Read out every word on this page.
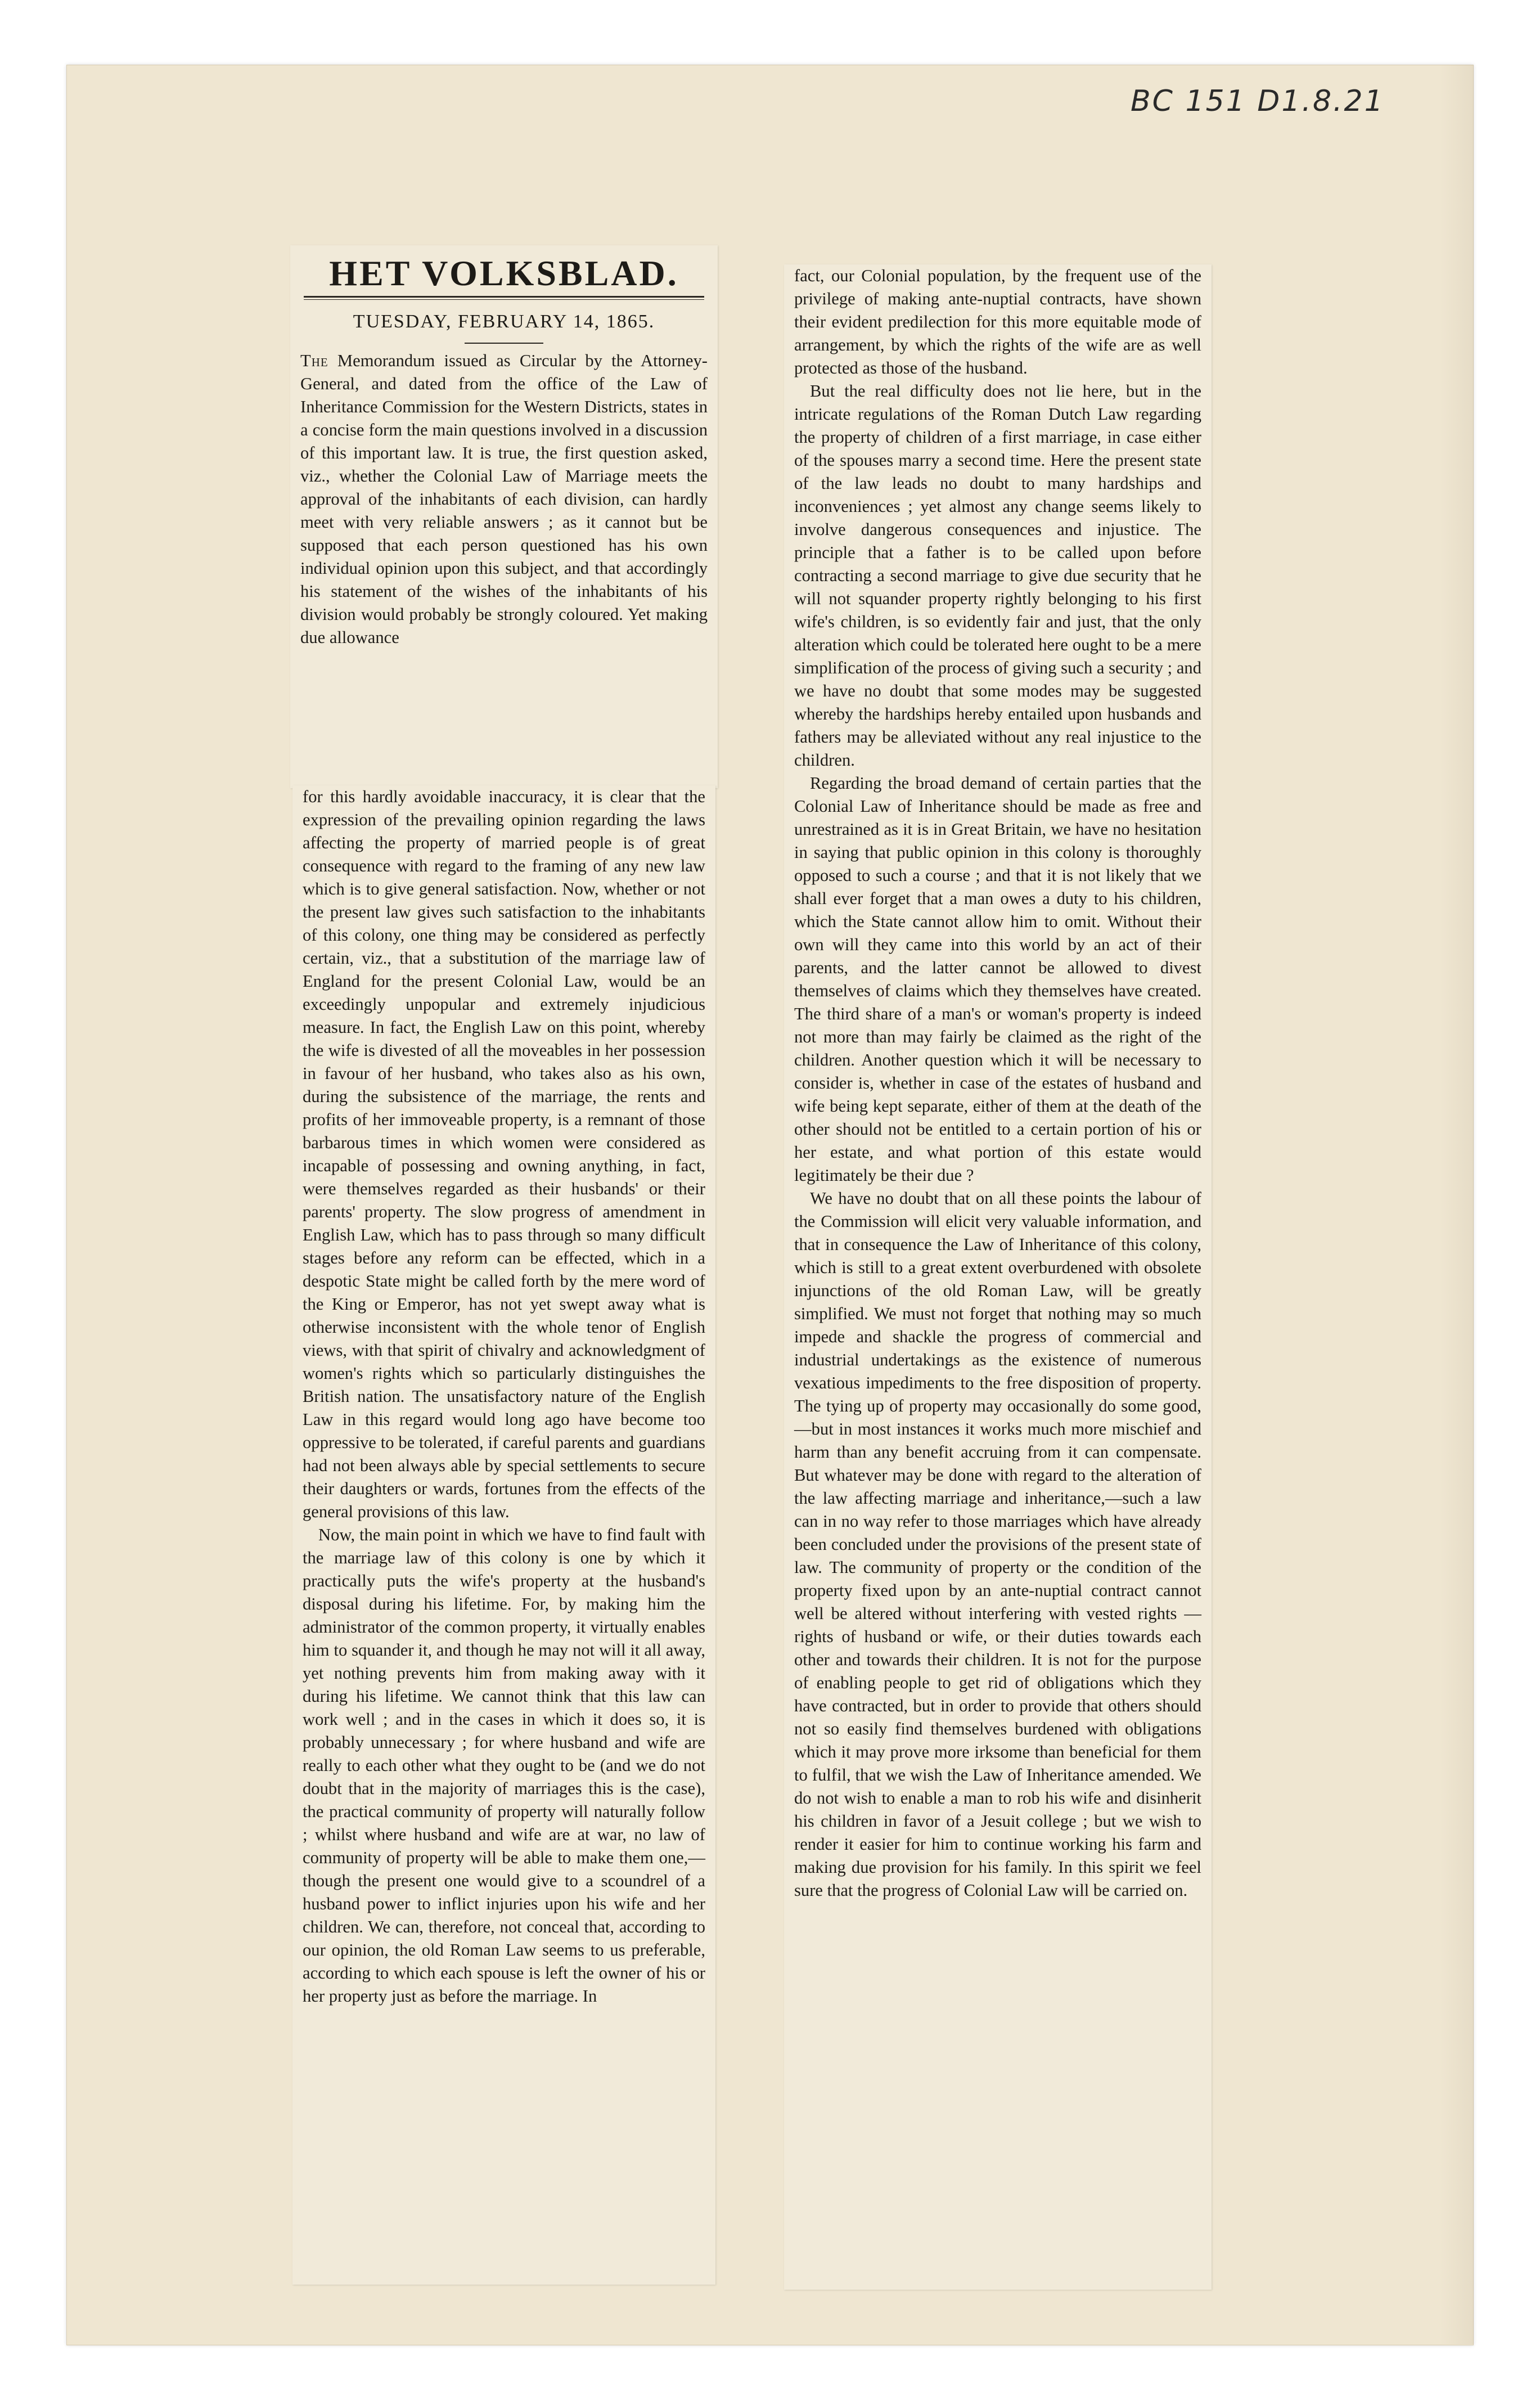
BC 151 D1.8.21
HET VOLKSBLAD.
TUESDAY, FEBRUARY 14, 1865.

The Memorandum issued as Circular by the Attorney-General, and dated from the office of the Law of Inheritance Commission for the Western Districts, states in a concise form the main questions involved in a discussion of this important law. It is true, the first question asked, viz., whether the Colonial Law of Marriage meets the approval of the inhabitants of each division, can hardly meet with very reliable answers ; as it cannot but be supposed that each person questioned has his own individual opinion upon this subject, and that accordingly his statement of the wishes of the inhabitants of his division would probably be strongly coloured. Yet making due allowance

for this hardly avoidable inaccuracy, it is clear that the expression of the prevailing opinion regarding the laws affecting the property of married people is of great consequence with regard to the framing of any new law which is to give general satisfaction. Now, whether or not the present law gives such satisfaction to the inhabitants of this colony, one thing may be considered as perfectly certain, viz., that a substitution of the marriage law of England for the present Colonial Law, would be an exceedingly unpopular and extremely injudicious measure. In fact, the English Law on this point, whereby the wife is divested of all the moveables in her possession in favour of her husband, who takes also as his own, during the subsistence of the marriage, the rents and profits of her immoveable property, is a remnant of those barbarous times in which women were considered as incapable of possessing and owning anything, in fact, were themselves regarded as their husbands' or their parents' property. The slow progress of amendment in English Law, which has to pass through so many difficult stages before any reform can be effected, which in a despotic State might be called forth by the mere word of the King or Emperor, has not yet swept away what is otherwise inconsistent with the whole tenor of English views, with that spirit of chivalry and acknowledgment of women's rights which so particularly distinguishes the British nation. The unsatisfactory nature of the English Law in this regard would long ago have become too oppressive to be tolerated, if careful parents and guardians had not been always able by special settlements to secure their daughters or wards, fortunes from the effects of the general provisions of this law.

Now, the main point in which we have to find fault with the marriage law of this colony is one by which it practically puts the wife's property at the husband's disposal during his lifetime. For, by making him the administrator of the common property, it virtually enables him to squander it, and though he may not will it all away, yet nothing prevents him from making away with it during his lifetime. We cannot think that this law can work well ; and in the cases in which it does so, it is probably unnecessary ; for where husband and wife are really to each other what they ought to be (and we do not doubt that in the majority of marriages this is the case), the practical community of property will naturally follow ; whilst where husband and wife are at war, no law of community of property will be able to make them one,—though the present one would give to a scoundrel of a husband power to inflict injuries upon his wife and her children. We can, therefore, not conceal that, according to our opinion, the old Roman Law seems to us preferable, according to which each spouse is left the owner of his or her property just as before the marriage. In

fact, our Colonial population, by the frequent use of the privilege of making ante-nuptial contracts, have shown their evident predilection for this more equitable mode of arrangement, by which the rights of the wife are as well protected as those of the husband.

But the real difficulty does not lie here, but in the intricate regulations of the Roman Dutch Law regarding the property of children of a first marriage, in case either of the spouses marry a second time. Here the present state of the law leads no doubt to many hardships and inconveniences ; yet almost any change seems likely to involve dangerous consequences and injustice. The principle that a father is to be called upon before contracting a second marriage to give due security that he will not squander property rightly belonging to his first wife's children, is so evidently fair and just, that the only alteration which could be tolerated here ought to be a mere simplification of the process of giving such a security ; and we have no doubt that some modes may be suggested whereby the hardships hereby entailed upon husbands and fathers may be alleviated without any real injustice to the children.

Regarding the broad demand of certain parties that the Colonial Law of Inheritance should be made as free and unrestrained as it is in Great Britain, we have no hesitation in saying that public opinion in this colony is thoroughly opposed to such a course ; and that it is not likely that we shall ever forget that a man owes a duty to his children, which the State cannot allow him to omit. Without their own will they came into this world by an act of their parents, and the latter cannot be allowed to divest themselves of claims which they themselves have created. The third share of a man's or woman's property is indeed not more than may fairly be claimed as the right of the children. Another question which it will be necessary to consider is, whether in case of the estates of husband and wife being kept separate, either of them at the death of the other should not be entitled to a certain portion of his or her estate, and what portion of this estate would legitimately be their due ?

We have no doubt that on all these points the labour of the Commission will elicit very valuable information, and that in consequence the Law of Inheritance of this colony, which is still to a great extent overburdened with obsolete injunctions of the old Roman Law, will be greatly simplified. We must not forget that nothing may so much impede and shackle the progress of commercial and industrial undertakings as the existence of numerous vexatious impediments to the free disposition of property. The tying up of property may occasionally do some good,—but in most instances it works much more mischief and harm than any benefit accruing from it can compensate. But whatever may be done with regard to the alteration of the law affecting marriage and inheritance,—such a law can in no way refer to those marriages which have already been concluded under the provisions of the present state of law. The community of property or the condition of the property fixed upon by an ante-nuptial contract cannot well be altered without interfering with vested rights —rights of husband or wife, or their duties towards each other and towards their children. It is not for the purpose of enabling people to get rid of obligations which they have contracted, but in order to provide that others should not so easily find themselves burdened with obligations which it may prove more irksome than beneficial for them to fulfil, that we wish the Law of Inheritance amended. We do not wish to enable a man to rob his wife and disinherit his children in favor of a Jesuit college ; but we wish to render it easier for him to continue working his farm and making due provision for his family. In this spirit we feel sure that the progress of Colonial Law will be carried on.
